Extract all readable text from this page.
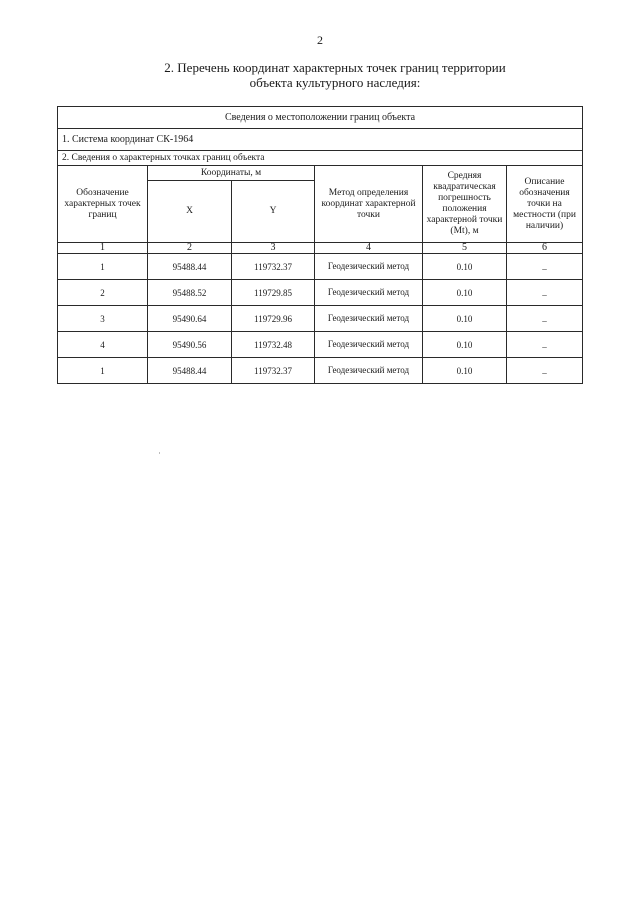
2
2. Перечень координат характерных точек границ территории
объекта культурного наследия:
Сведения о местоположении границ объекта					
1. Система координат СК-1964					
2. Сведения о характерных точках границ объекта					
Обозначение характерных точек границ	Координаты, м		Метод определения координат характерной точки	Средняя квадратическая погрешность положения характерной точки (Мt), м	Описание обозначения точки на местности (при наличии)
	X	Y			
1	2	3	4	5	6
1	95488.44	119732.37	Геодезический метод	0.10	–
2	95488.52	119729.85	Геодезический метод	0.10	–
3	95490.64	119729.96	Геодезический метод	0.10	–
4	95490.56	119732.48	Геодезический метод	0.10	–
1	95488.44	119732.37	Геодезический метод	0.10	–
